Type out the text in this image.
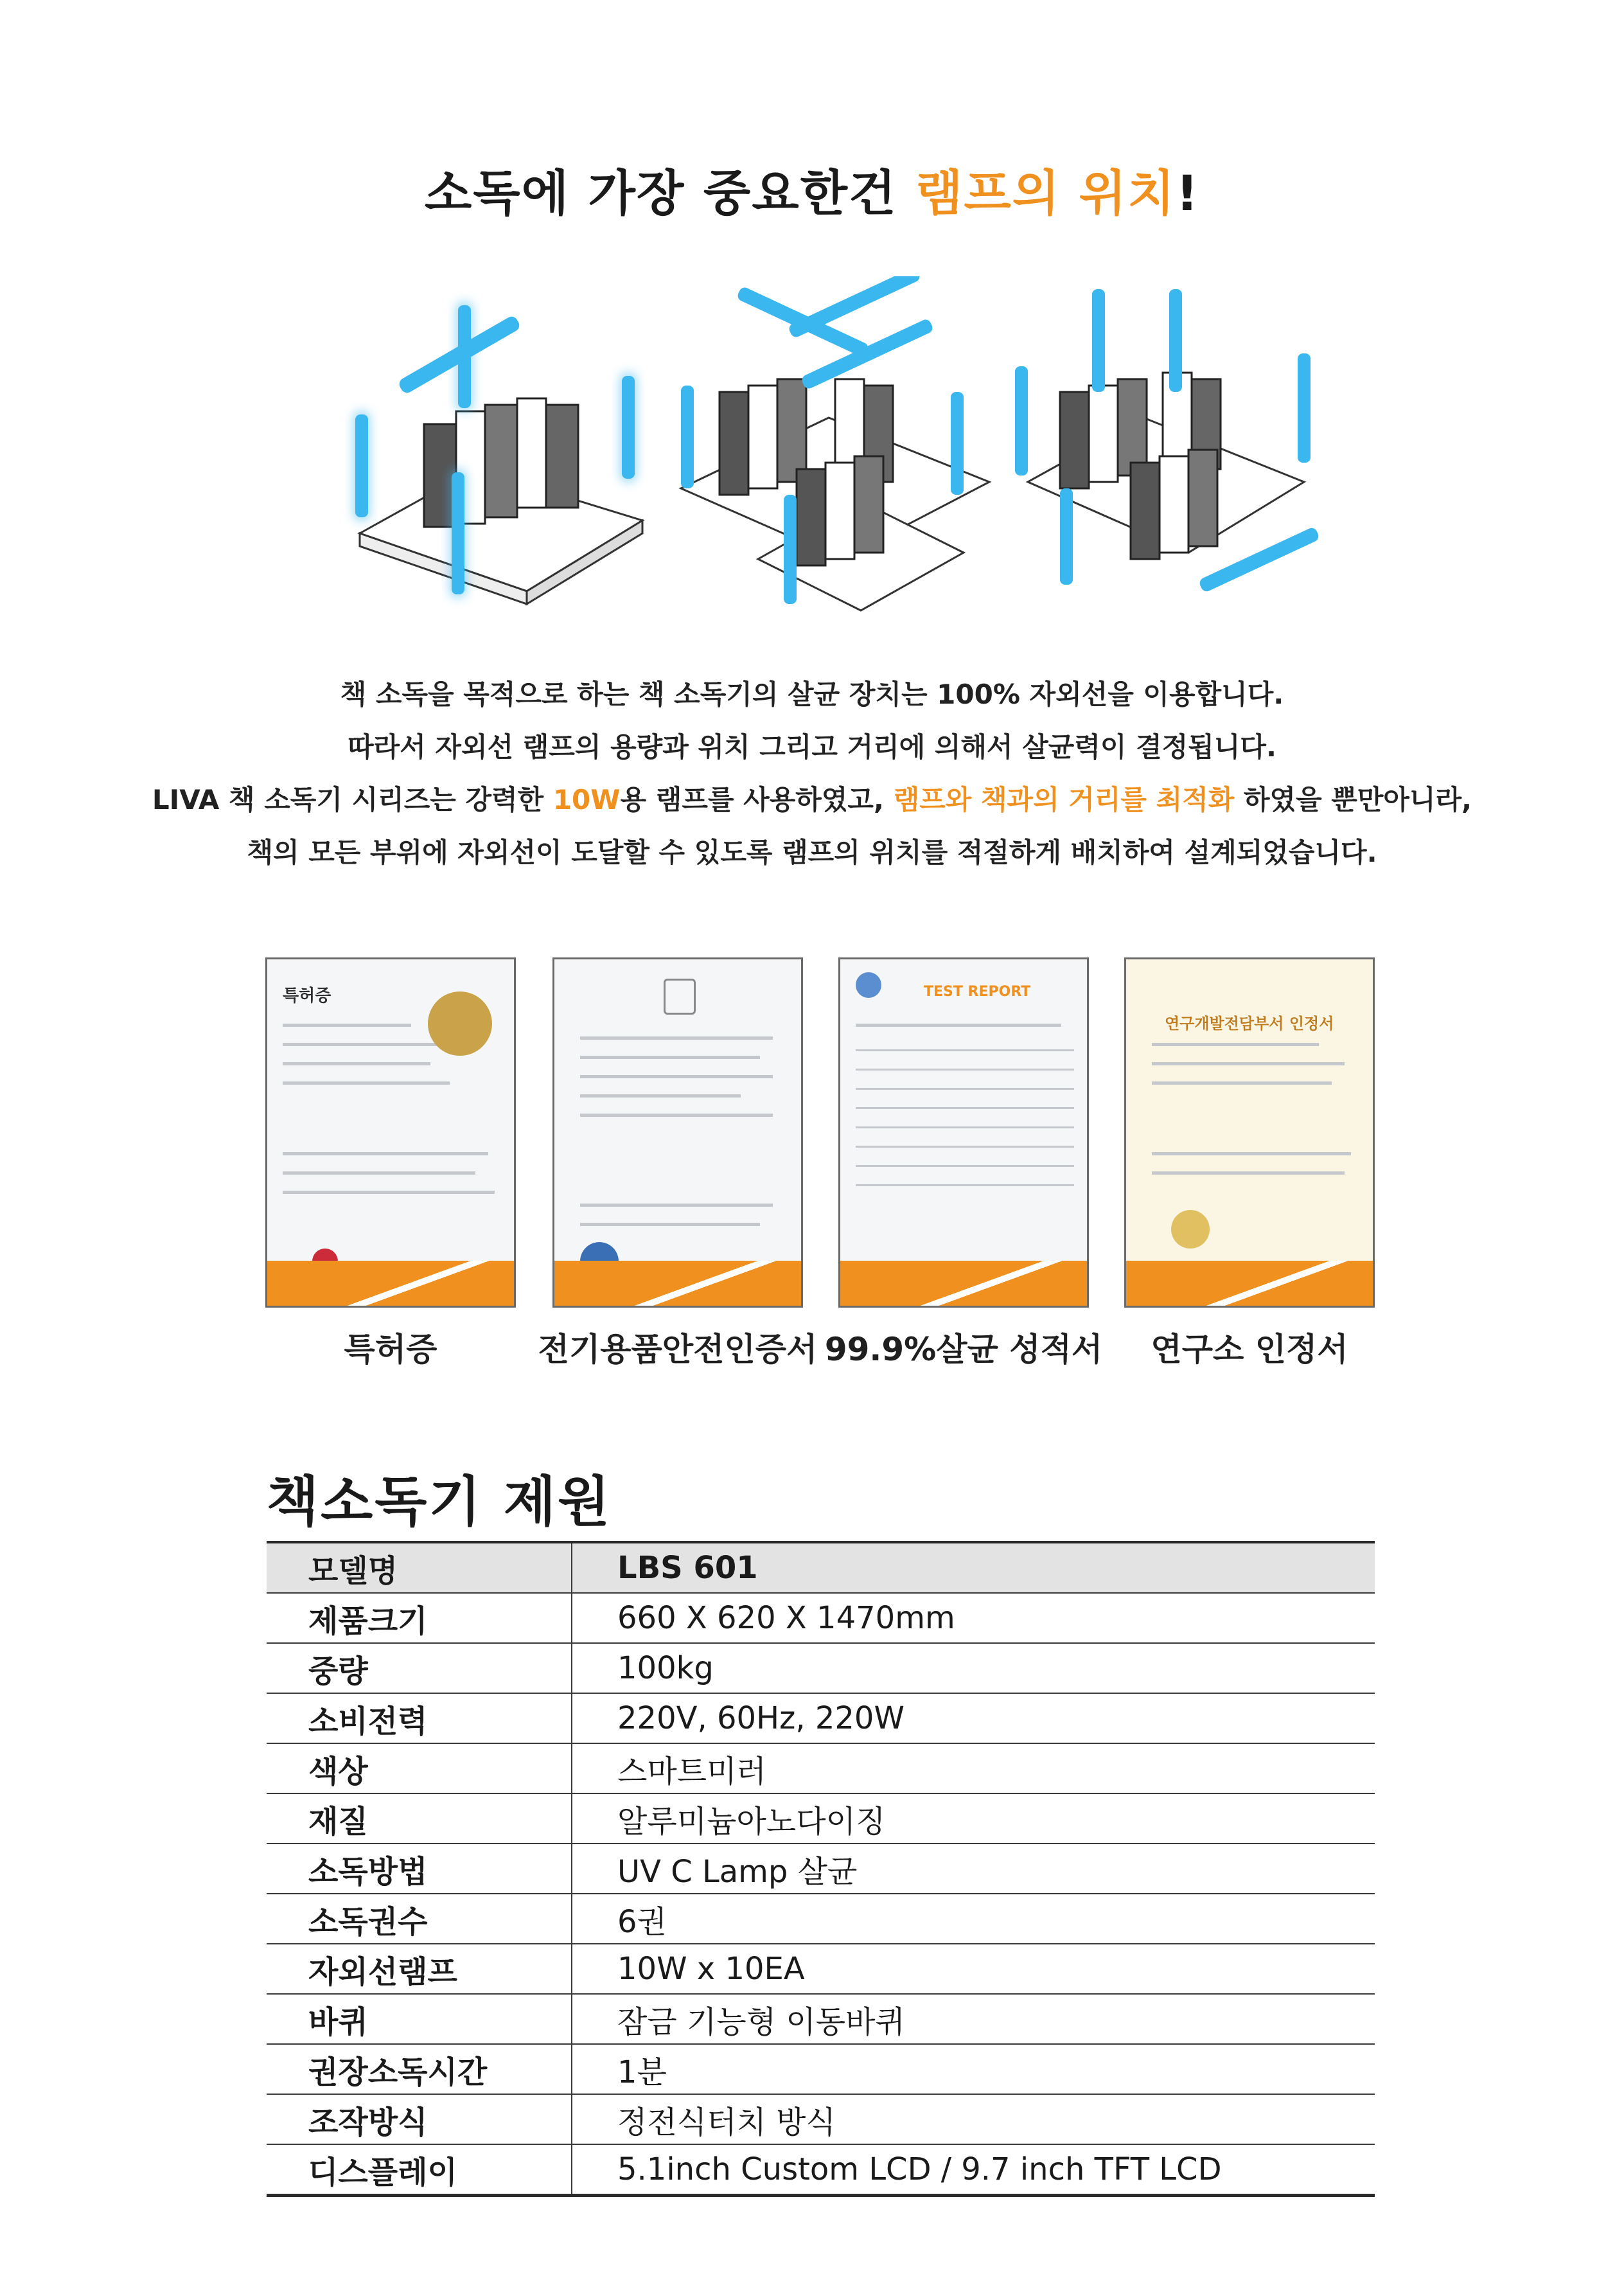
소독에 가장 중요한건 램프의 위치!
책 소독을 목적으로 하는 책 소독기의 살균 장치는 100% 자외선을 이용합니다.
따라서 자외선 램프의 용량과 위치 그리고 거리에 의해서 살균력이 결정됩니다.
LIVA 책 소독기 시리즈는 강력한 10W용 램프를 사용하였고, 램프와 책과의 거리를 최적화 하였을 뿐만아니라,
책의 모든 부위에 자외선이 도달할 수 있도록 램프의 위치를 적절하게 배치하여 설계되었습니다.
특허증	TEST REPORT
연구개발전담부서 인정서
특허증	전기용품안전인증서 99.9%살균 성적서	연구소 인정서
책소독기 제원
모델명	LBS 601
제품크기	660 X 620 X 1470mm
중량	100kg
소비전력	220V, 60Hz, 220W
색상	스마트미러
재질	알루미늄아노다이징
소독방법	UV C Lamp 살균
소독권수	6권
자외선램프	10W x 10EA
바퀴	잠금 기능형 이동바퀴
권장소독시간	1분
조작방식	정전식터치 방식
디스플레이	5.1inch Custom LCD / 9.7 inch TFT LCD
